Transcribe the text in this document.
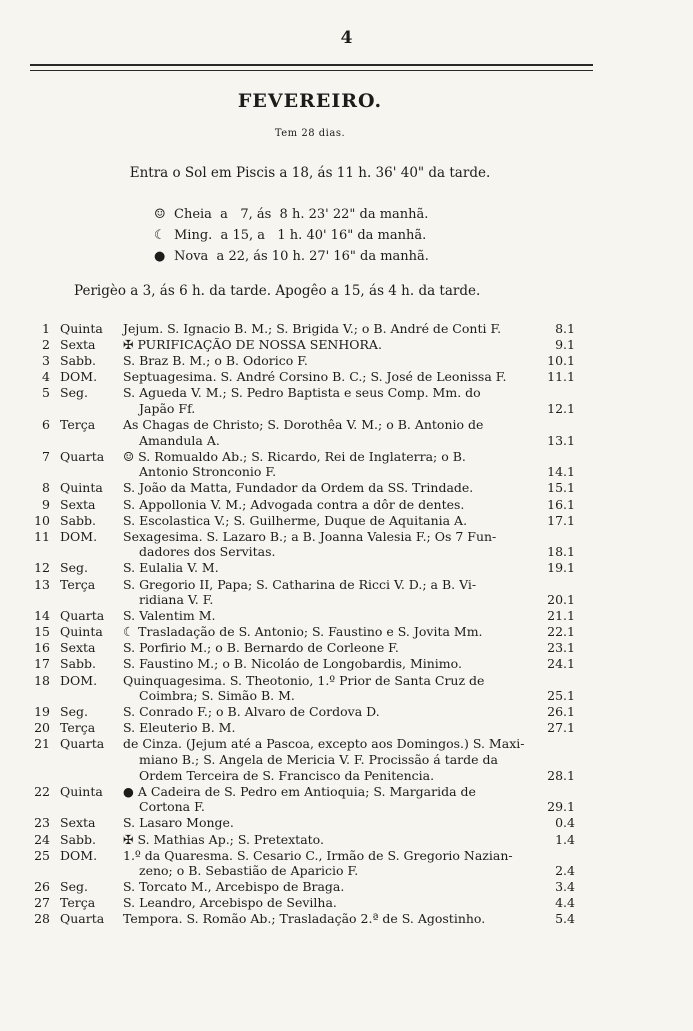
4
FEVEREIRO.
Tem 28 dias.
Entra o Sol em Piscis a 18, ás 11 h. 36' 40" da tarde.
☺ Cheia  a   7, ás  8 h. 23' 22" da manhã.
☾ Ming.  a 15, a   1 h. 40' 16" da manhã.
● Nova  a 22, ás 10 h. 27' 16" da manhã.
Perigèo a 3, ás 6 h. da tarde. Apogêo a 15, ás 4 h. da tarde.
1 Quinta	Jejum. S. Ignacio B. M.; S. Brigida V.; o B. André de Conti F.	8.1
2 Sexta	✠ PURIFICAÇÃO DE NOSSA SENHORA.	9.1
3 Sabb.	S. Braz B. M.; o B. Odorico F.	10.1
4 DOM.	Septuagesima. S. André Corsino B. C.; S. José de Leonissa F.	11.1
5 Seg.	S. Agueda V. M.; S. Pedro Baptista e seus Comp. Mm. do
Japão Ff.	12.1
6 Terça	As Chagas de Christo; S. Dorothêa V. M.; o B. Antonio de
Amandula A.	13.1
7 Quarta	☺ S. Romualdo Ab.; S. Ricardo, Rei de Inglaterra; o B.
Antonio Stronconio F.	14.1
8 Quinta	S. João da Matta, Fundador da Ordem da SS. Trindade.	15.1
9 Sexta	S. Appollonia V. M.; Advogada contra a dôr de dentes.	16.1
10 Sabb.	S. Escolastica V.; S. Guilherme, Duque de Aquitania A.	17.1
11 DOM.	Sexagesima. S. Lazaro B.; a B. Joanna Valesia F.; Os 7 Fun-
dadores dos Servitas.	18.1
12 Seg.	S. Eulalia V. M.	19.1
13 Terça	S. Gregorio II, Papa; S. Catharina de Ricci V. D.; a B. Vi-
ridiana V. F.	20.1
14 Quarta	S. Valentim M.	21.1
15 Quinta	☾ Trasladação de S. Antonio; S. Faustino e S. Jovita Mm.	22.1
16 Sexta	S. Porfirio M.; o B. Bernardo de Corleone F.	23.1
17 Sabb.	S. Faustino M.; o B. Nicoláo de Longobardis, Minimo.	24.1
18 DOM.	Quinquagesima. S. Theotonio, 1.º Prior de Santa Cruz de
Coimbra; S. Simão B. M.	25.1
19 Seg.	S. Conrado F.; o B. Alvaro de Cordova D.	26.1
20 Terça	S. Eleuterio B. M.	27.1
21 Quarta	de Cinza. (Jejum até a Pascoa, excepto aos Domingos.) S. Maxi-
miano B.; S. Angela de Mericia V. F. Procissão á tarde da
Ordem Terceira de S. Francisco da Penitencia.	28.1
22 Quinta	● A Cadeira de S. Pedro em Antioquia; S. Margarida de
Cortona F.	29.1
23 Sexta	S. Lasaro Monge.	0.4
24 Sabb.	✠ S. Mathias Ap.; S. Pretextato.	1.4
25 DOM.	1.º da Quaresma. S. Cesario C., Irmão de S. Gregorio Nazian-
zeno; o B. Sebastião de Aparicio F.	2.4
26 Seg.	S. Torcato M., Arcebispo de Braga.	3.4
27 Terça	S. Leandro, Arcebispo de Sevilha.	4.4
28 Quarta	Tempora. S. Romão Ab.; Trasladação 2.ª de S. Agostinho.	5.4
